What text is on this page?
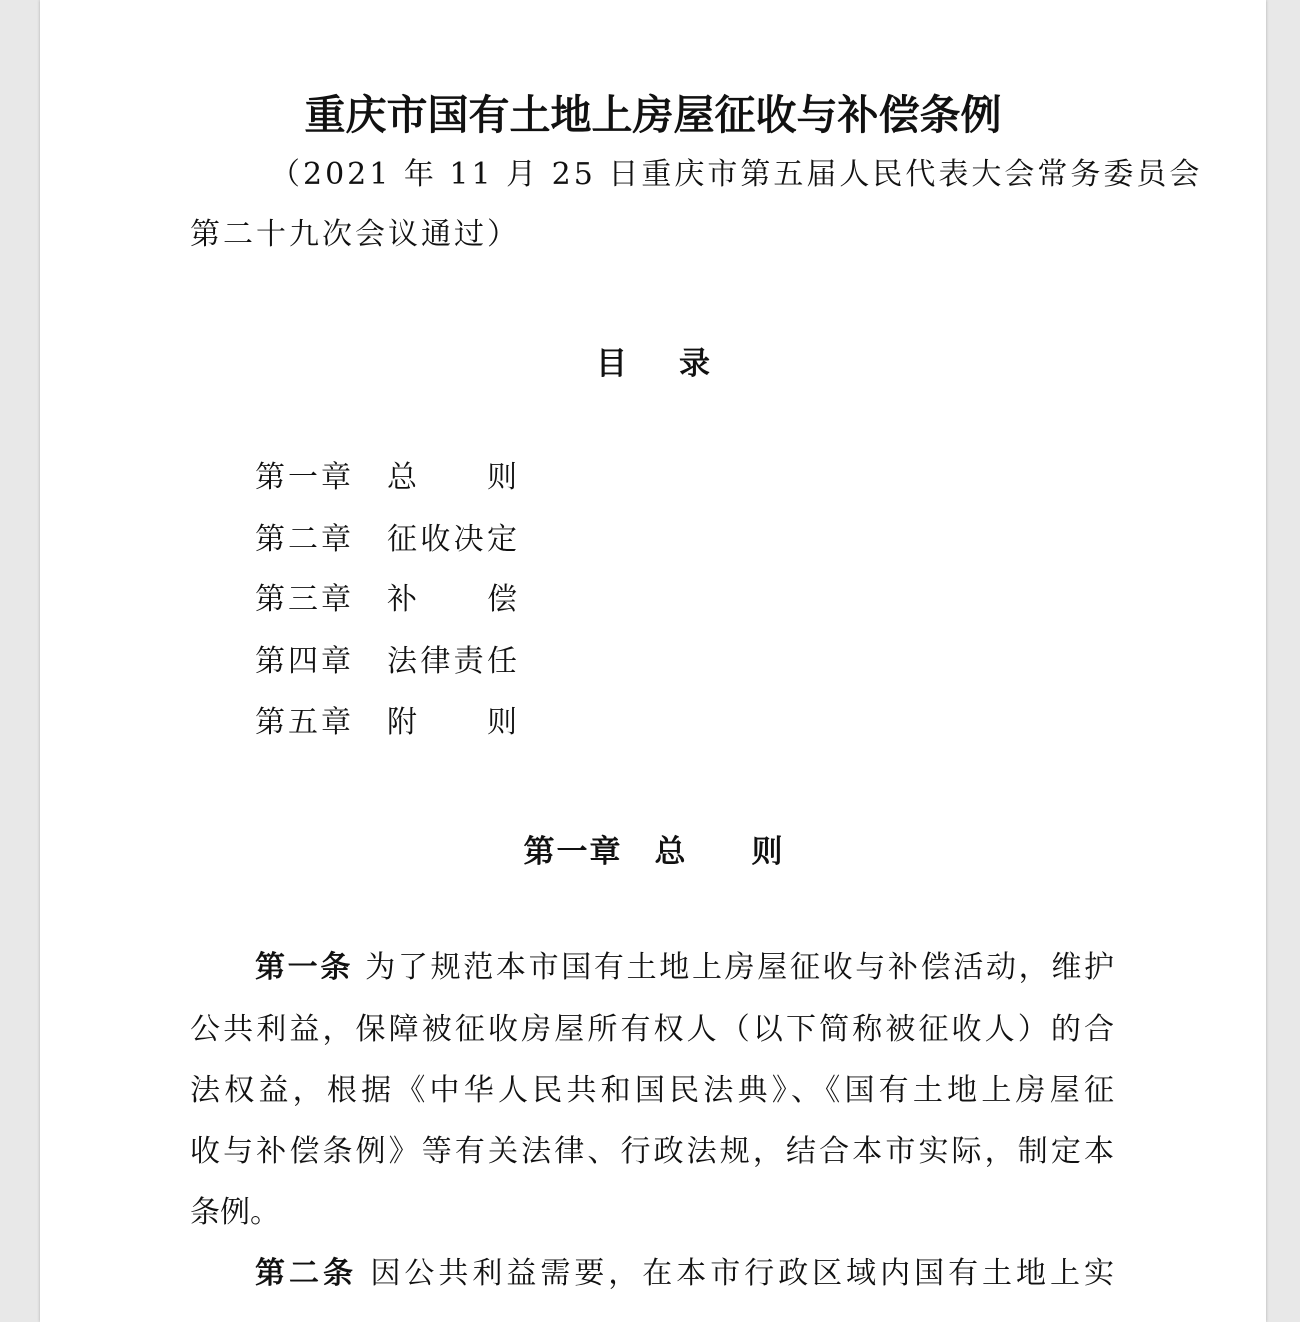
重庆市国有土地上房屋征收与补偿条例
（2021 年 11 月 25 日重庆市第五届人民代表大会常务委员会
第二十九次会议通过）
目 录
第一章 总则
第二章 征收决定
第三章 补偿
第四章 法律责任
第五章 附则
第一章 总则
第一条 为了规范本市国有土地上房屋征收与补偿活动，维护
公共利益，保障被征收房屋所有权人（以下简称被征收人）的合
法权益，根据《中华人民共和国民法典》、《国有土地上房屋征
收与补偿条例》等有关法律、行政法规，结合本市实际，制定本
条例。
第二条 因公共利益需要，在本市行政区域内国有土地上实
